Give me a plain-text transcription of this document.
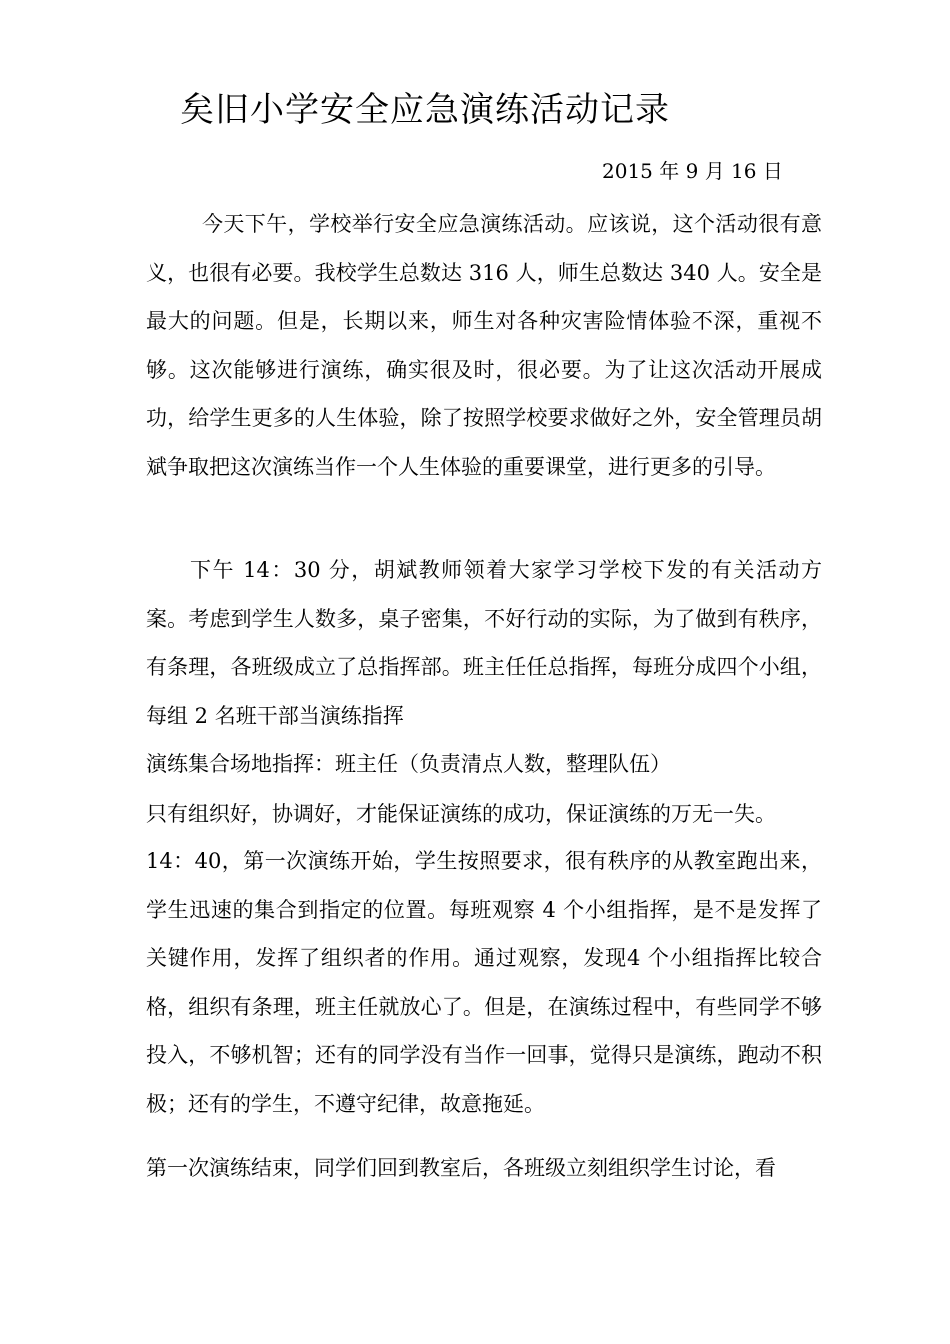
矣旧小学安全应急演练活动记录
2015 年 9 月 16 日

今天下午，学校举行安全应急演练活动。应该说，这个活动很有意义，也很有必要。我校学生总数达 316 人，师生总数达 340 人。安全是最大的问题。但是，长期以来，师生对各种灾害险情体验不深，重视不够。这次能够进行演练，确实很及时，很必要。为了让这次活动开展成功，给学生更多的人生体验，除了按照学校要求做好之外，安全管理员胡斌争取把这次演练当作一个人生体验的重要课堂，进行更多的引导。

下午 14：30 分，胡斌教师领着大家学习学校下发的有关活动方案。考虑到学生人数多，桌子密集，不好行动的实际，为了做到有秩序，有条理，各班级成立了总指挥部。班主任任总指挥，每班分成四个小组，每组 2 名班干部当演练指挥

演练集合场地指挥：班主任（负责清点人数，整理队伍）

只有组织好，协调好，才能保证演练的成功，保证演练的万无一失。

14：40，第一次演练开始，学生按照要求，很有秩序的从教室跑出来，学生迅速的集合到指定的位置。每班观察 4 个小组指挥，是不是发挥了关键作用，发挥了组织者的作用。通过观察，发现4 个小组指挥比较合格，组织有条理，班主任就放心了。但是，在演练过程中，有些同学不够投入，不够机智；还有的同学没有当作一回事，觉得只是演练，跑动不积极；还有的学生，不遵守纪律，故意拖延。

第一次演练结束，同学们回到教室后，各班级立刻组织学生讨论，看
